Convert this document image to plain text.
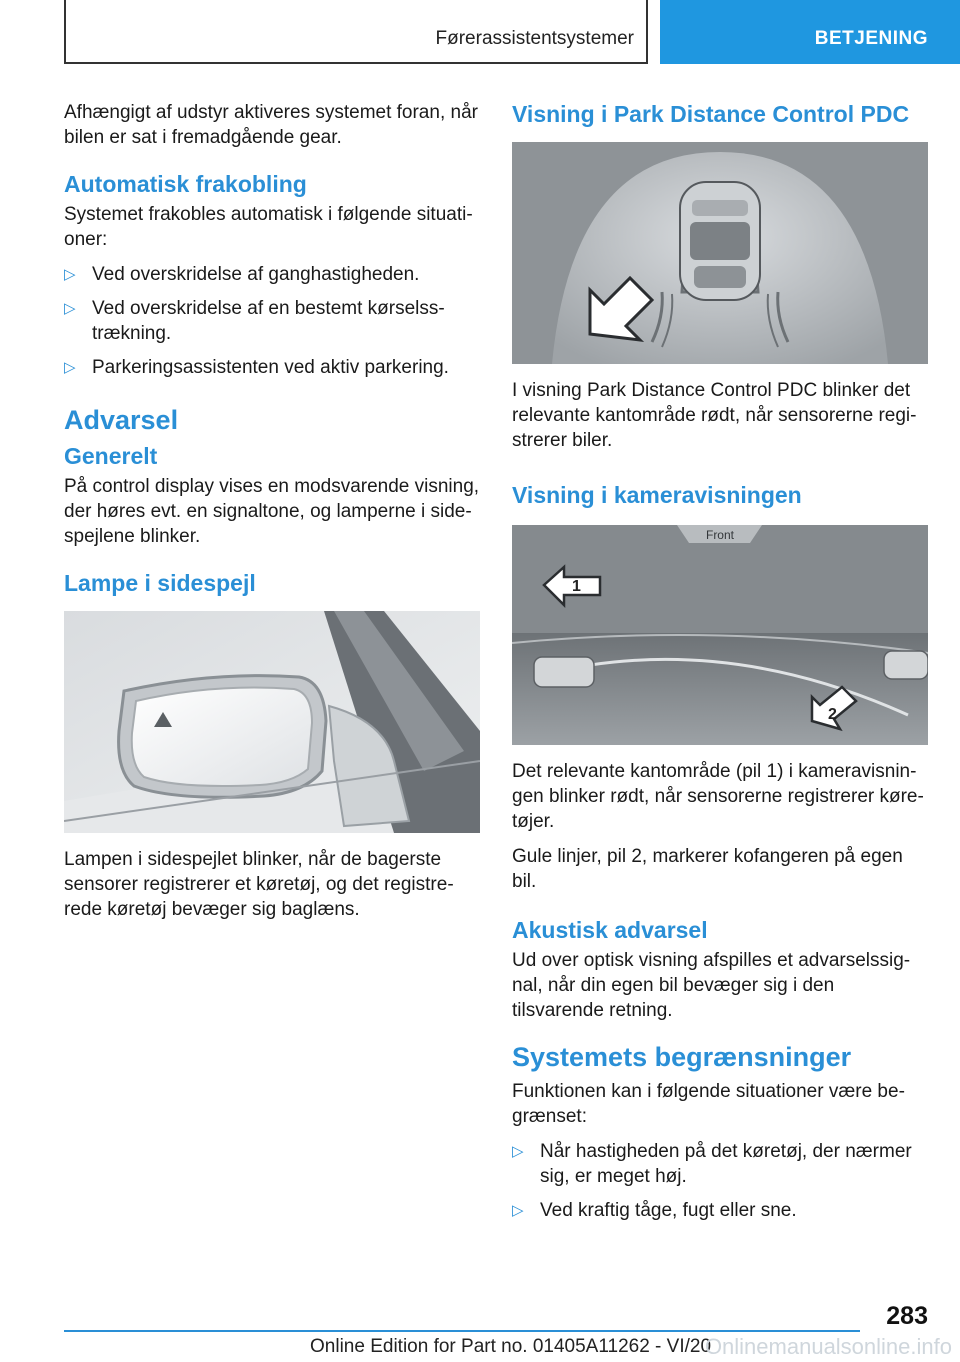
Førerassistentsystemer	BETJENING

Afhængigt af udstyr aktiveres systemet foran, når bilen er sat i fremadgående gear.

Automatisk frakobling

Systemet frakobles automatisk i følgende situationer:

▷ Ved overskridelse af ganghastigheden.
▷ Ved overskridelse af en bestemt kørselsstrækning.
▷ Parkeringsassistenten ved aktiv parkering.
Advarsel
Generelt

På control display vises en modsvarende visning, der høres evt. en signaltone, og lamperne i sidespejlene blinker.

Lampe i sidespejl

Lampen i sidespejlet blinker, når de bagerste sensorer registrerer et køretøj, og det registrerede køretøj bevæger sig baglæns.

Visning i Park Distance Control PDC

I visning Park Distance Control PDC blinker det relevante kantområde rødt, når sensorerne registrerer biler.

Visning i kameravisningen
Front
1
2

Det relevante kantområde (pil 1) i kameravisningen blinker rødt, når sensorerne registrerer køretøjer.

Gule linjer, pil 2, markerer kofangeren på egen bil.

Akustisk advarsel

Ud over optisk visning afspilles et advarselssignal, når din egen bil bevæger sig i den tilsvarende retning.

Systemets begrænsninger

Funktionen kan i følgende situationer være begrænset:

▷ Når hastigheden på det køretøj, der nærmer sig, er meget høj.
▷ Ved kraftig tåge, fugt eller sne.
283
Online Edition for Part no. 01405A11262 - VI/20
Onlinemanualsonline.info
